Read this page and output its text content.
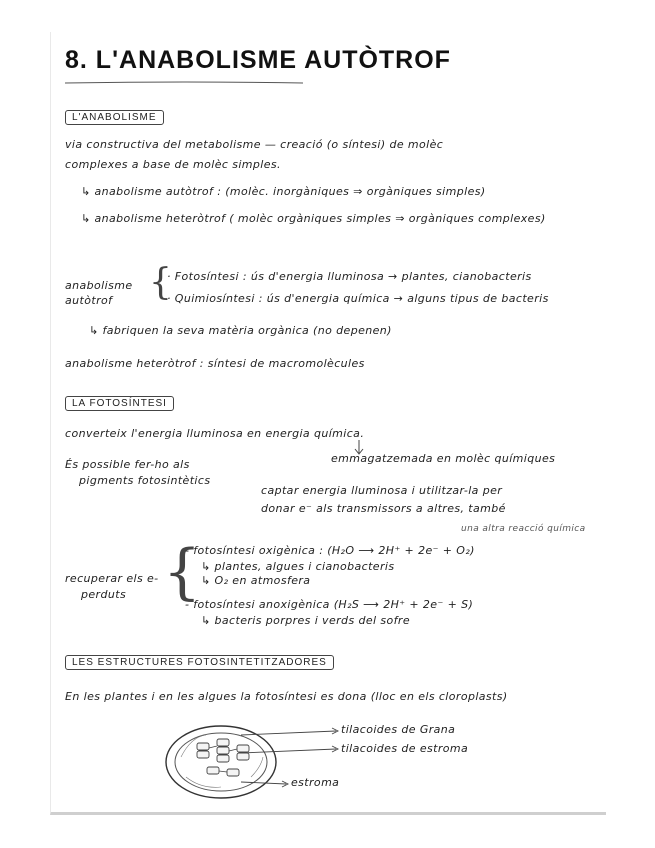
8. L'ANABOLISME AUTÒTROF
L'ANABOLISME
via constructiva del metabolisme — creació (o síntesi) de molèc
complexes a base de molèc simples.
↳ anabolisme autòtrof : (molèc. inorgàniques ⇒ orgàniques simples)
↳ anabolisme heteròtrof ( molèc orgàniques simples ⇒ orgàniques complexes)
anabolisme
autòtrof {
· Fotosíntesi : ús d'energia lluminosa → plantes, cianobacteris
· Quimiosíntesi : ús d'energia química → alguns tipus de bacteris
↳ fabriquen la seva matèria orgànica (no depenen)
anabolisme heteròtrof : síntesi de macromolècules
LA FOTOSÍNTESI
converteix l'energia lluminosa en energia química.
emmagatzemada en molèc químiques
És possible fer-ho als
pigments fotosintètics
captar energia lluminosa i utilitzar-la per
donar e⁻ als transmissors a altres, també
una altra reacció química
recuperar els e-
perduts {
- fotosíntesi oxigènica : (H₂O ⟶ 2H⁺ + 2e⁻ + O₂)
↳ plantes, algues i cianobacteris
↳ O₂ en atmosfera
- fotosíntesi anoxigènica (H₂S ⟶ 2H⁺ + 2e⁻ + S)
↳ bacteris porpres i verds del sofre
LES ESTRUCTURES FOTOSINTETITZADORES
En les plantes i en les algues la fotosíntesi es dona (lloc en els cloroplasts)
tilacoides de Grana
tilacoides de estroma
estroma
